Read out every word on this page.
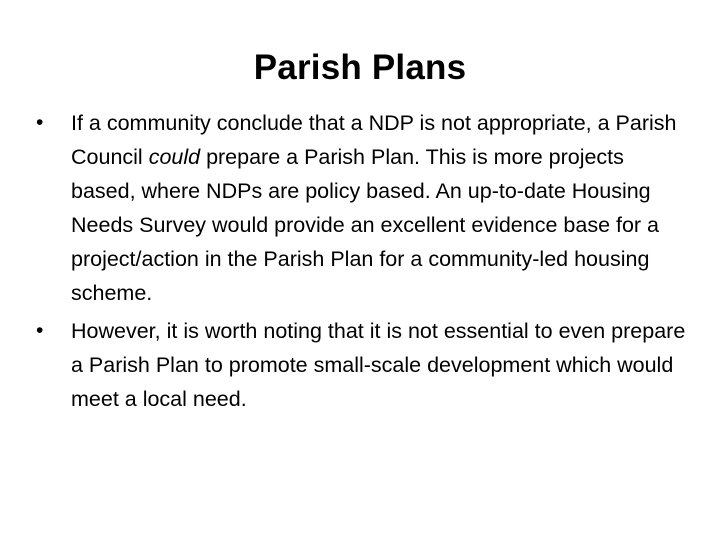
Parish Plans
•	If a community conclude that a NDP is not appropriate, a Parish Council could prepare a Parish Plan. This is more projects based, where NDPs are policy based. An up-to-date Housing Needs Survey would provide an excellent evidence base for a project/action in the Parish Plan for a community-led housing scheme.
•	However, it is worth noting that it is not essential to even prepare a Parish Plan to promote small-scale development which would meet a local need.
